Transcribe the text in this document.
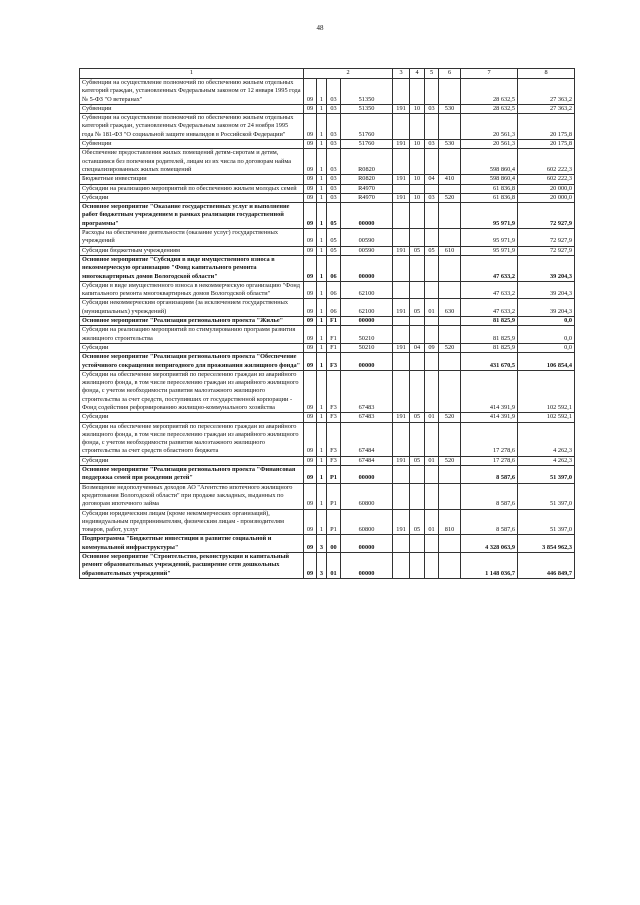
48
1	2				3	4	5	6	7	8
Субвенции на осуществление полномочий по обеспечению жильем отдельных категорий граждан, установленных Федеральным законом от 12 января 1995 года № 5-ФЗ "О ветеранах"	09	1	03	51350					28 632,5	27 363,2
Субвенции	09	1	03	51350	191	10	03	530	28 632,5	27 363,2
Субвенции на осуществление полномочий по обеспечению жильем отдельных категорий граждан, установленных Федеральным законом от 24 ноября 1995 года № 181-ФЗ "О социальной защите инвалидов в Российской Федерации"	09	1	03	51760					20 561,3	20 175,8
Субвенции	09	1	03	51760	191	10	03	530	20 561,3	20 175,8
Обеспечение предоставления жилых помещений детям-сиротам и детям, оставшимся без попечения родителей, лицам из их числа по договорам найма специализированных жилых помещений	09	1	03	R0820					598 860,4	602 222,3
Бюджетные инвестиции	09	1	03	R0820	191	10	04	410	598 860,4	602 222,3
Субсидии на реализацию мероприятий по обеспечению жильем молодых семей	09	1	03	R4970					61 836,8	20 000,0
Субсидии	09	1	03	R4970	191	10	03	520	61 836,8	20 000,0
Основное мероприятие "Оказание государственных услуг и выполнение работ бюджетным учреждением в рамках реализации государственной программы"	09	1	05	00000					95 971,9	72 927,9
Расходы на обеспечение деятельности (оказание услуг) государственных учреждений	09	1	05	00590					95 971,9	72 927,9
Субсидии бюджетным учреждениям	09	1	05	00590	191	05	05	610	95 971,9	72 927,9
Основное мероприятие "Субсидия в виде имущественного взноса в некоммерческую организацию "Фонд капитального ремонта многоквартирных домов Вологодской области"	09	1	06	00000					47 633,2	39 204,3
Субсидии в виде имущественного взноса в некоммерческую организацию "Фонд капитального ремонта многоквартирных домов Вологодской области"	09	1	06	62100					47 633,2	39 204,3
Субсидии некоммерческим организациям (за исключением государственных (муниципальных) учреждений)	09	1	06	62100	191	05	01	630	47 633,2	39 204,3
Основное мероприятие "Реализация регионального проекта "Жилье"	09	1	F1	00000					81 825,9	0,0
Субсидии на реализацию мероприятий по стимулированию программ развития жилищного строительства	09	1	F1	50210					81 825,9	0,0
Субсидии	09	1	F1	50210	191	04	09	520	81 825,9	0,0
Основное мероприятие "Реализация регионального проекта "Обеспечение устойчивого сокращения непригодного для проживания жилищного фонда"	09	1	F3	00000					431 670,5	106 854,4
Субсидии на обеспечение мероприятий по переселению граждан из аварийного жилищного фонда, в том числе переселению граждан из аварийного жилищного фонда, с учетом необходимости развития малоэтажного жилищного строительства за счет средств, поступивших от государственной корпорации - Фонд содействия реформированию жилищно-коммунального хозяйства	09	1	F3	67483					414 391,9	102 592,1
Субсидии	09	1	F3	67483	191	05	01	520	414 391,9	102 592,1
Субсидии на обеспечение мероприятий по переселению граждан из аварийного жилищного фонда, в том числе переселению граждан из аварийного жилищного фонда, с учетом необходимости развития малоэтажного жилищного строительства за счет средств областного бюджета	09	1	F3	67484					17 278,6	4 262,3
Субсидии	09	1	F3	67484	191	05	01	520	17 278,6	4 262,3
Основное мероприятие "Реализация регионального проекта "Финансовая поддержка семей при рождении детей"	09	1	P1	00000					8 587,6	51 397,0
Возмещение недополученных доходов АО "Агентство ипотечного жилищного кредитования Вологодской области" при продаже закладных, выданных по договорам ипотечного займа	09	1	P1	60800					8 587,6	51 397,0
Субсидии юридическим лицам (кроме некоммерческих организаций), индивидуальным предпринимателям, физическим лицам - производителям товаров, работ, услуг	09	1	P1	60800	191	05	01	810	8 587,6	51 397,0
Подпрограмма "Бюджетные инвестиции в развитие социальной и коммунальной инфраструктуры"	09	3	00	00000					4 328 063,9	3 854 962,3
Основное мероприятие "Строительство, реконструкция и капитальный ремонт образовательных учреждений, расширение сети дошкольных образовательных учреждений"	09	3	01	00000					1 148 036,7	446 849,7
